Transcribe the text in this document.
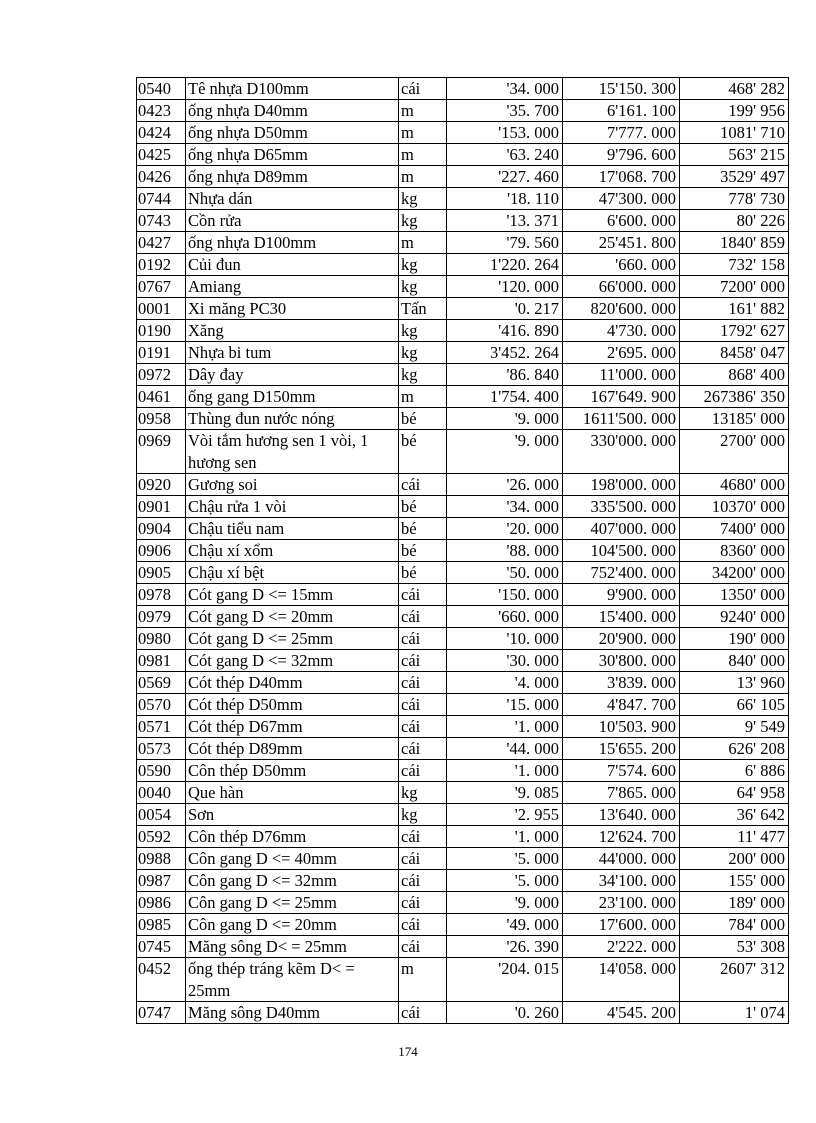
0540	Tê nhựa D100mm	cái	'34. 000	15'150. 300	468' 282
0423	ống nhựa D40mm	m	'35. 700	6'161. 100	199' 956
0424	ống nhựa D50mm	m	'153. 000	7'777. 000	1081' 710
0425	ống nhựa D65mm	m	'63. 240	9'796. 600	563' 215
0426	ống nhựa D89mm	m	'227. 460	17'068. 700	3529' 497
0744	Nhựa dán	kg	'18. 110	47'300. 000	778' 730
0743	Cồn rửa	kg	'13. 371	6'600. 000	80' 226
0427	ống nhựa D100mm	m	'79. 560	25'451. 800	1840' 859
0192	Củi đun	kg	1'220. 264	'660. 000	732' 158
0767	Amiang	kg	'120. 000	66'000. 000	7200' 000
0001	Xi măng PC30	Tấn	'0. 217	820'600. 000	161' 882
0190	Xăng	kg	'416. 890	4'730. 000	1792' 627
0191	Nhựa bi tum	kg	3'452. 264	2'695. 000	8458' 047
0972	Dây đay	kg	'86. 840	11'000. 000	868' 400
0461	ống gang D150mm	m	1'754. 400	167'649. 900	267386' 350
0958	Thùng đun nước nóng	bé	'9. 000	1611'500. 000	13185' 000
0969	Vòi tắm hương sen 1 vòi, 1 hương sen	bé	'9. 000	330'000. 000	2700' 000
0920	Gương soi	cái	'26. 000	198'000. 000	4680' 000
0901	Chậu rửa 1 vòi	bé	'34. 000	335'500. 000	10370' 000
0904	Chậu tiểu nam	bé	'20. 000	407'000. 000	7400' 000
0906	Chậu xí xổm	bé	'88. 000	104'500. 000	8360' 000
0905	Chậu xí bệt	bé	'50. 000	752'400. 000	34200' 000
0978	Cót gang D <= 15mm	cái	'150. 000	9'900. 000	1350' 000
0979	Cót gang D <= 20mm	cái	'660. 000	15'400. 000	9240' 000
0980	Cót gang D <= 25mm	cái	'10. 000	20'900. 000	190' 000
0981	Cót gang D <= 32mm	cái	'30. 000	30'800. 000	840' 000
0569	Cót thép D40mm	cái	'4. 000	3'839. 000	13' 960
0570	Cót thép D50mm	cái	'15. 000	4'847. 700	66' 105
0571	Cót thép D67mm	cái	'1. 000	10'503. 900	9' 549
0573	Cót thép D89mm	cái	'44. 000	15'655. 200	626' 208
0590	Côn thép D50mm	cái	'1. 000	7'574. 600	6' 886
0040	Que hàn	kg	'9. 085	7'865. 000	64' 958
0054	Sơn	kg	'2. 955	13'640. 000	36' 642
0592	Côn thép D76mm	cái	'1. 000	12'624. 700	11' 477
0988	Côn gang D <= 40mm	cái	'5. 000	44'000. 000	200' 000
0987	Côn gang D <= 32mm	cái	'5. 000	34'100. 000	155' 000
0986	Côn gang D <= 25mm	cái	'9. 000	23'100. 000	189' 000
0985	Côn gang D <= 20mm	cái	'49. 000	17'600. 000	784' 000
0745	Măng sông D< = 25mm	cái	'26. 390	2'222. 000	53' 308
0452	ống thép tráng kẽm D< = 25mm	m	'204. 015	14'058. 000	2607' 312
0747	Măng sông D40mm	cái	'0. 260	4'545. 200	1' 074
174
